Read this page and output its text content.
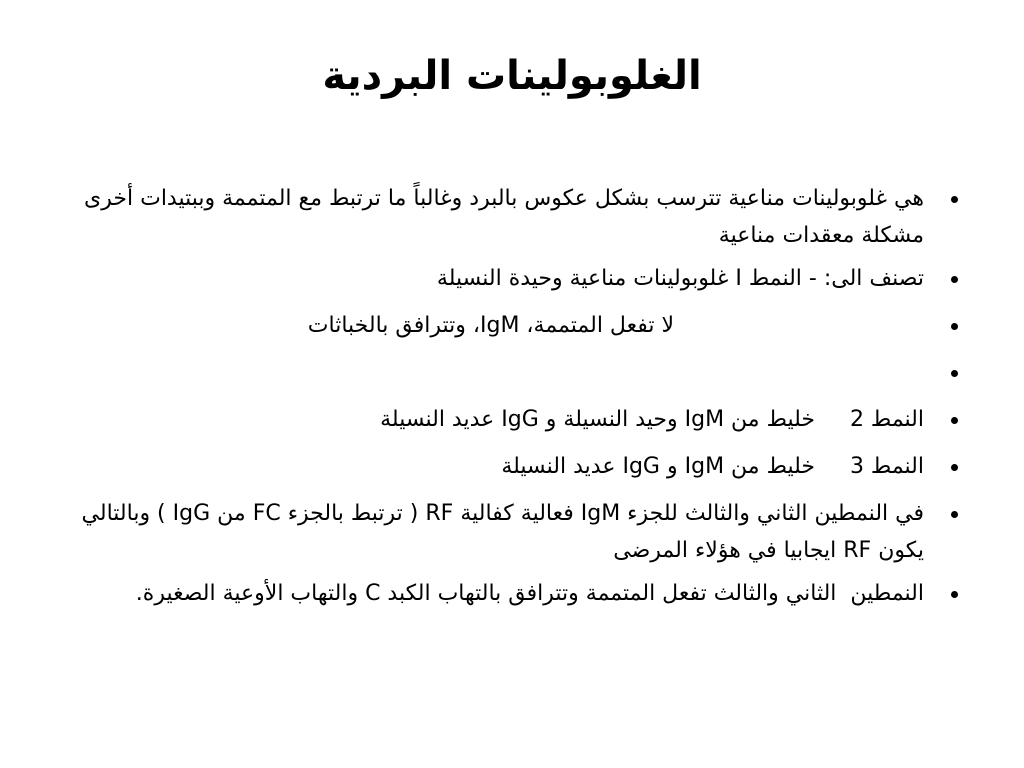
الغلوبولينات البردية
هي غلوبولينات مناعية تترسب بشكل عكوس بالبرد وغالباً ما ترتبط مع المتممة وببتيدات أخرى مشكلة معقدات مناعية
تصنف الى: - النمط I غلوبولينات مناعية وحيدة النسيلة
لا تفعل المتممة، IgM، وتترافق بالخباثات
النمط 2     خليط من IgM وحيد النسيلة و IgG عديد النسيلة
النمط 3     خليط من IgM و IgG عديد النسيلة
في النمطين الثاني والثالث للجزء IgM فعالية كفالية RF ( ترتبط بالجزء FC من IgG ) وبالتالي يكون RF ايجابيا في هؤلاء المرضى
النمطين  الثاني والثالث تفعل المتممة وتترافق بالتهاب الكبد C والتهاب الأوعية الصغيرة.
